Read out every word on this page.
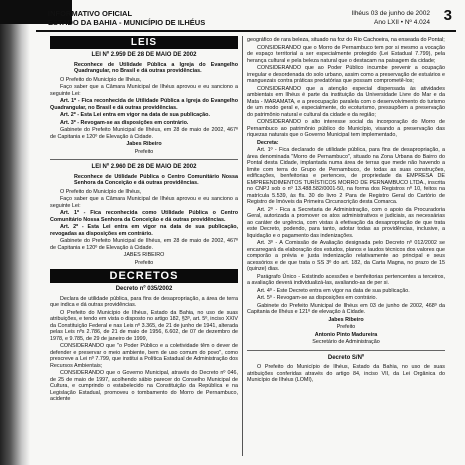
INFORMATIVO OFICIAL
ESTADO DA BAHIA - MUNICÍPIO DE ILHÉUS
Ilhéus 03 de junho de 2002
Ano LXII • Nº 4.024 3
LEIS
LEI Nº 2.959 DE 28 DE MAIO DE 2002
Reconhece de Utilidade Pública a Igreja do Evangelho Quadrangular, no Brasil e dá outras providências.

O Prefeito do Município de Ilhéus,

Faço saber que a Câmara Municipal de Ilhéus aprovou e eu sanciono a seguinte Lei:

Art. 1º - Fica reconhecida de Utilidade Pública a Igreja do Evangelho Quadrangular, no Brasil e dá outras providências.

Art. 2º - Esta Lei entra em vigor na data de sua publicação.

Art. 3º - Revogam-se as disposições em contrário.

Gabinete do Prefeito Municipal de Ilhéus, em 28 de maio de 2002, 467º de Capitania e 120º de Elevação à Cidade.

Jabes Ribeiro

Prefeito

LEI Nº 2.960 DE 28 DE MAIO DE 2002
Reconhece de Utilidade Pública o Centro Comunitário Nossa Senhora da Conceição e dá outras providências.

O Prefeito do Município de Ilhéus,

Faço saber que a Câmara Municipal de Ilhéus aprovou e eu sanciono a seguinte Lei:

Art. 1º - Fica reconhecida como Utilidade Pública o Centro Comunitário Nossa Senhora da Conceição e dá outras providências.

Art. 2º - Esta Lei entra em vigor na data de sua publicação, revogadas as disposições em contrário.

Gabinete do Prefeito Municipal de Ilhéus, em 28 de maio de 2002, 467º de Capitania e 120º de Elevação à Cidade.

JABES RIBEIRO

Prefeito

DECRETOS
Decreto nº 035/2002

Declara de utilidade pública, para fins de desapropriação, a área de terra que indica e dá outras providências.

O Prefeito do Município de Ilhéus, Estado da Bahia, no uso de suas atribuições, e tendo em vista o disposto no artigo 182, §3º, art. 5º, inciso XXIV da Constituição Federal e nas Leis nº 3.365, de 21 de junho de 1941, alterada pelas Leis nºs 2.786, de 21 de maio de 1956, 6.602, de 07 de dezembro de 1978, e 9.785, de 29 de janeiro de 1999,

CONSIDERANDO que "o Poder Público e a coletividade têm o dever de defender e preservar o meio ambiente, bem de uso comum do povo", como prescreve a Lei nº 7.799, que institui a Política Estadual de Administração dos Recursos Ambientais;

CONSIDERANDO que o Governo Municipal, através do Decreto nº 046, de 25 de maio de 1997, acolhendo sábio parecer do Conselho Municipal de Cultura, e cumprindo o estabelecido na Constituição da República e na Legislação Estadual, promoveu o tombamento do Morro de Pernambuco, acidente

geográfico de rara beleza, situado na foz do Rio Cachoeira, na enseada do Pontal;

CONSIDERANDO que o Morro de Pernambuco tem por si mesmo a vocação de espaço territorial a ser especialmente protegido (Lei Estadual 7.799), pela herança cultural e pela beleza natural que o destacam na paisagem da cidade;

CONSIDERANDO que ao Poder Público incumbe prevenir a ocupação irregular e desordenada do solo urbano, assim como a preservação de estuários e manguezais contra práticas predatórias que possam comprometê-los;

CONSIDERANDO que a atenção especial dispensada às atividades ambientais em Ilhéus é parte da instituição da Universidade Livre do Mar e da Mata - MARAMATA, e a preocupação paralela com o desenvolvimento do turismo de um modo geral e, especialmente, do ecoturismo, pressupõem a preservação do patrimônio natural e cultural da cidade e da região;

CONSIDERANDO o alto interesse social da incorporação do Morro de Pernambuco ao patrimônio público do Município, visando a preservação das riquezas naturais que o Governo Municipal tem implementado,

Decreta:

Art. 1º - Fica declarado de utilidade pública, para fins de desapropriação, a área denominada "Morro de Pernambuco", situado na Zona Urbana do Bairro do Pontal desta Cidade, implantada numa área de terras que mede não havendo a limite com terra do Grupo de Pernambuco, de todas as suas construções, edificações, benfeitorias e pertences, de propriedade da EMPRESA DE EMPREENDIMENTOS TURÍSTICOS MORRO DE PERNAMBUCO LTDA., inscrita no CNPJ sob o nº 13.488.582/0001-50, na forma dos Registros nº 10, feitos na matrícula 5.539, às fls. 30 do livro 2 Para de Registro Geral do Cartório de Registro de Imóveis da Primeira Circunscrição desta Comarca.

Art. 2º - Fica a Secretaria de Administração, com o apoio da Procuradoria Geral, autorizada a promover os atos administrativos e judiciais, as necessárias ao caráter de urgência, com vistas à efetivação da desapropriação de que trata este Decreto, podendo, para tanto, adotar todas as providências, inclusive, a liquidação e o pagamento das indenizações.

Art. 3º - A Comissão de Avaliação designada pelo Decreto nº 012/2002 se encarregará da elaboração dos estudos, planos e laudos técnicos dos valores que comporão a prévia e justa indenização relativamente ao principal e seus acessórios e de que trata o SS 3º do art. 182, da Carta Magna, no prazo de 15 (quinze) dias.

Parágrafo Único - Existindo acessões e benfeitorias pertencentes a terceiros, a avaliação deverá individualizá-las, avaliando-as de per si.

Art. 4º - Este Decreto entra em vigor na data de sua publicação.

Art. 5º - Revogam-se as disposições em contrário.

Gabinete do Prefeito Municipal de Ilhéus em 03 de junho de 2002, 468º da Capitania de Ilhéus e 121º de elevação à Cidade.

Jabes Ribeiro

Prefeito

Antonio Pinto Madureira

Secretário de Administração

Decreto S/Nº

O Prefeito do Município de Ilhéus, Estado da Bahia, no uso de suas atribuições conferidas através do artigo 84, inciso VII, da Lei Orgânica do Município de Ilhéus (LOMI),
